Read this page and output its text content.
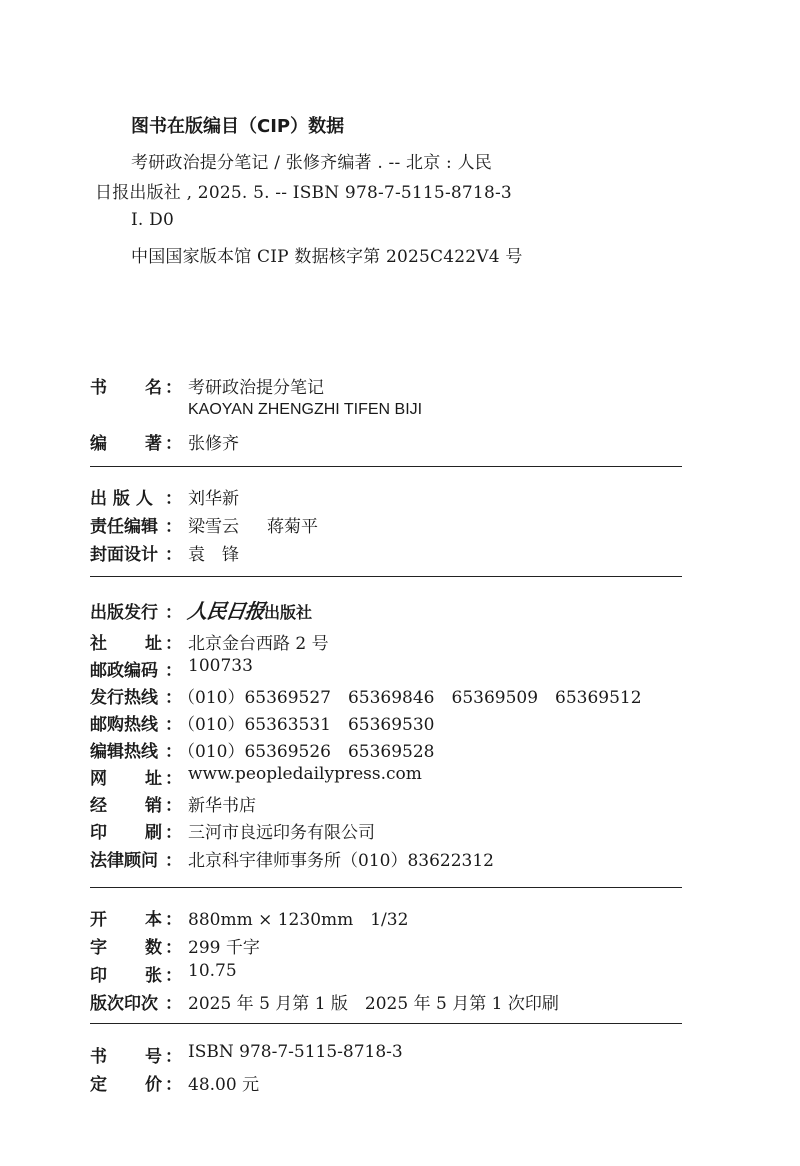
图书在版编目（CIP）数据
考研政治提分笔记 / 张修齐编著 . -- 北京 : 人民
日报出版社 , 2025. 5. -- ISBN 978-7-5115-8718-3
Ⅰ. D0
中国国家版本馆 CIP 数据核字第 2025C422V4 号
书 名 ： 考研政治提分笔记
KAOYAN ZHENGZHI TIFEN BIJI
编 著 ： 张修齐
出 版 人 ： 刘华新
责任编辑 ： 梁雪云 蒋菊平
封面设计 ： 袁　锋
出版发行 ： 人民日报出版社
社 址 ： 北京金台西路 2 号
邮政编码 ： 100733
发行热线 ：
（010）65369527　65369846　65369509　65369512
邮购热线 ：
（010）65363531　65369530
编辑热线 ：
（010）65369526　65369528
网 址 ： www.peopledailypress.com
经 销 ： 新华书店
印 刷 ： 三河市良远印务有限公司
法律顾问 ： 北京科宇律师事务所（010）83622312
开 本 ： 880mm × 1230mm　1/32
字 数 ： 299 千字
印 张 ： 10.75
版次印次 ： 2025 年 5 月第 1 版　2025 年 5 月第 1 次印刷
书 号 ： ISBN 978-7-5115-8718-3
定 价 ： 48.00 元
